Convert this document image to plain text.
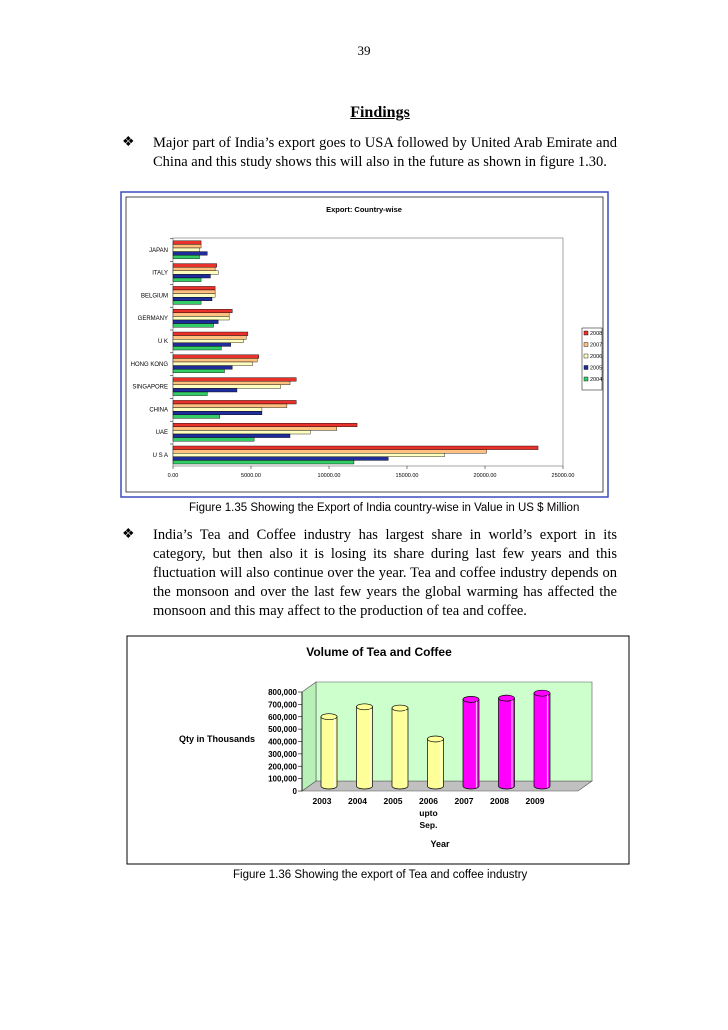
39
Findings
❖ Major part of India’s export goes to USA followed by United Arab Emirate and China and this study shows this will also in the future as shown in figure 1.30.
Export: Country-wise
U S A
UAE
CHINA
SINGAPORE
HONG KONG
U K
GERMANY
BELGIUM
ITALY
JAPAN
0.00	5000.00	10000.00	15000.00	20000.00	25000.00
2008
2007
2006
2005
2004
Figure 1.35 Showing the Export of India country-wise in Value in US $ Million
❖ India’s Tea and Coffee industry has largest share in world’s export in its category, but then also it is losing its share during last few years and this fluctuation will also continue over the year. Tea and coffee industry depends on the monsoon and over the last few years the global warming has affected the monsoon and this may affect to the production of tea and coffee.
Volume of Tea and Coffee
0
100,000
200,000
300,000
400,000
500,000
600,000
700,000
800,000
2003 2004 2005 2006
upto
Sep.
2007 2008 2009
Qty in Thousands
Year
Figure 1.36 Showing the export of Tea and coffee industry
